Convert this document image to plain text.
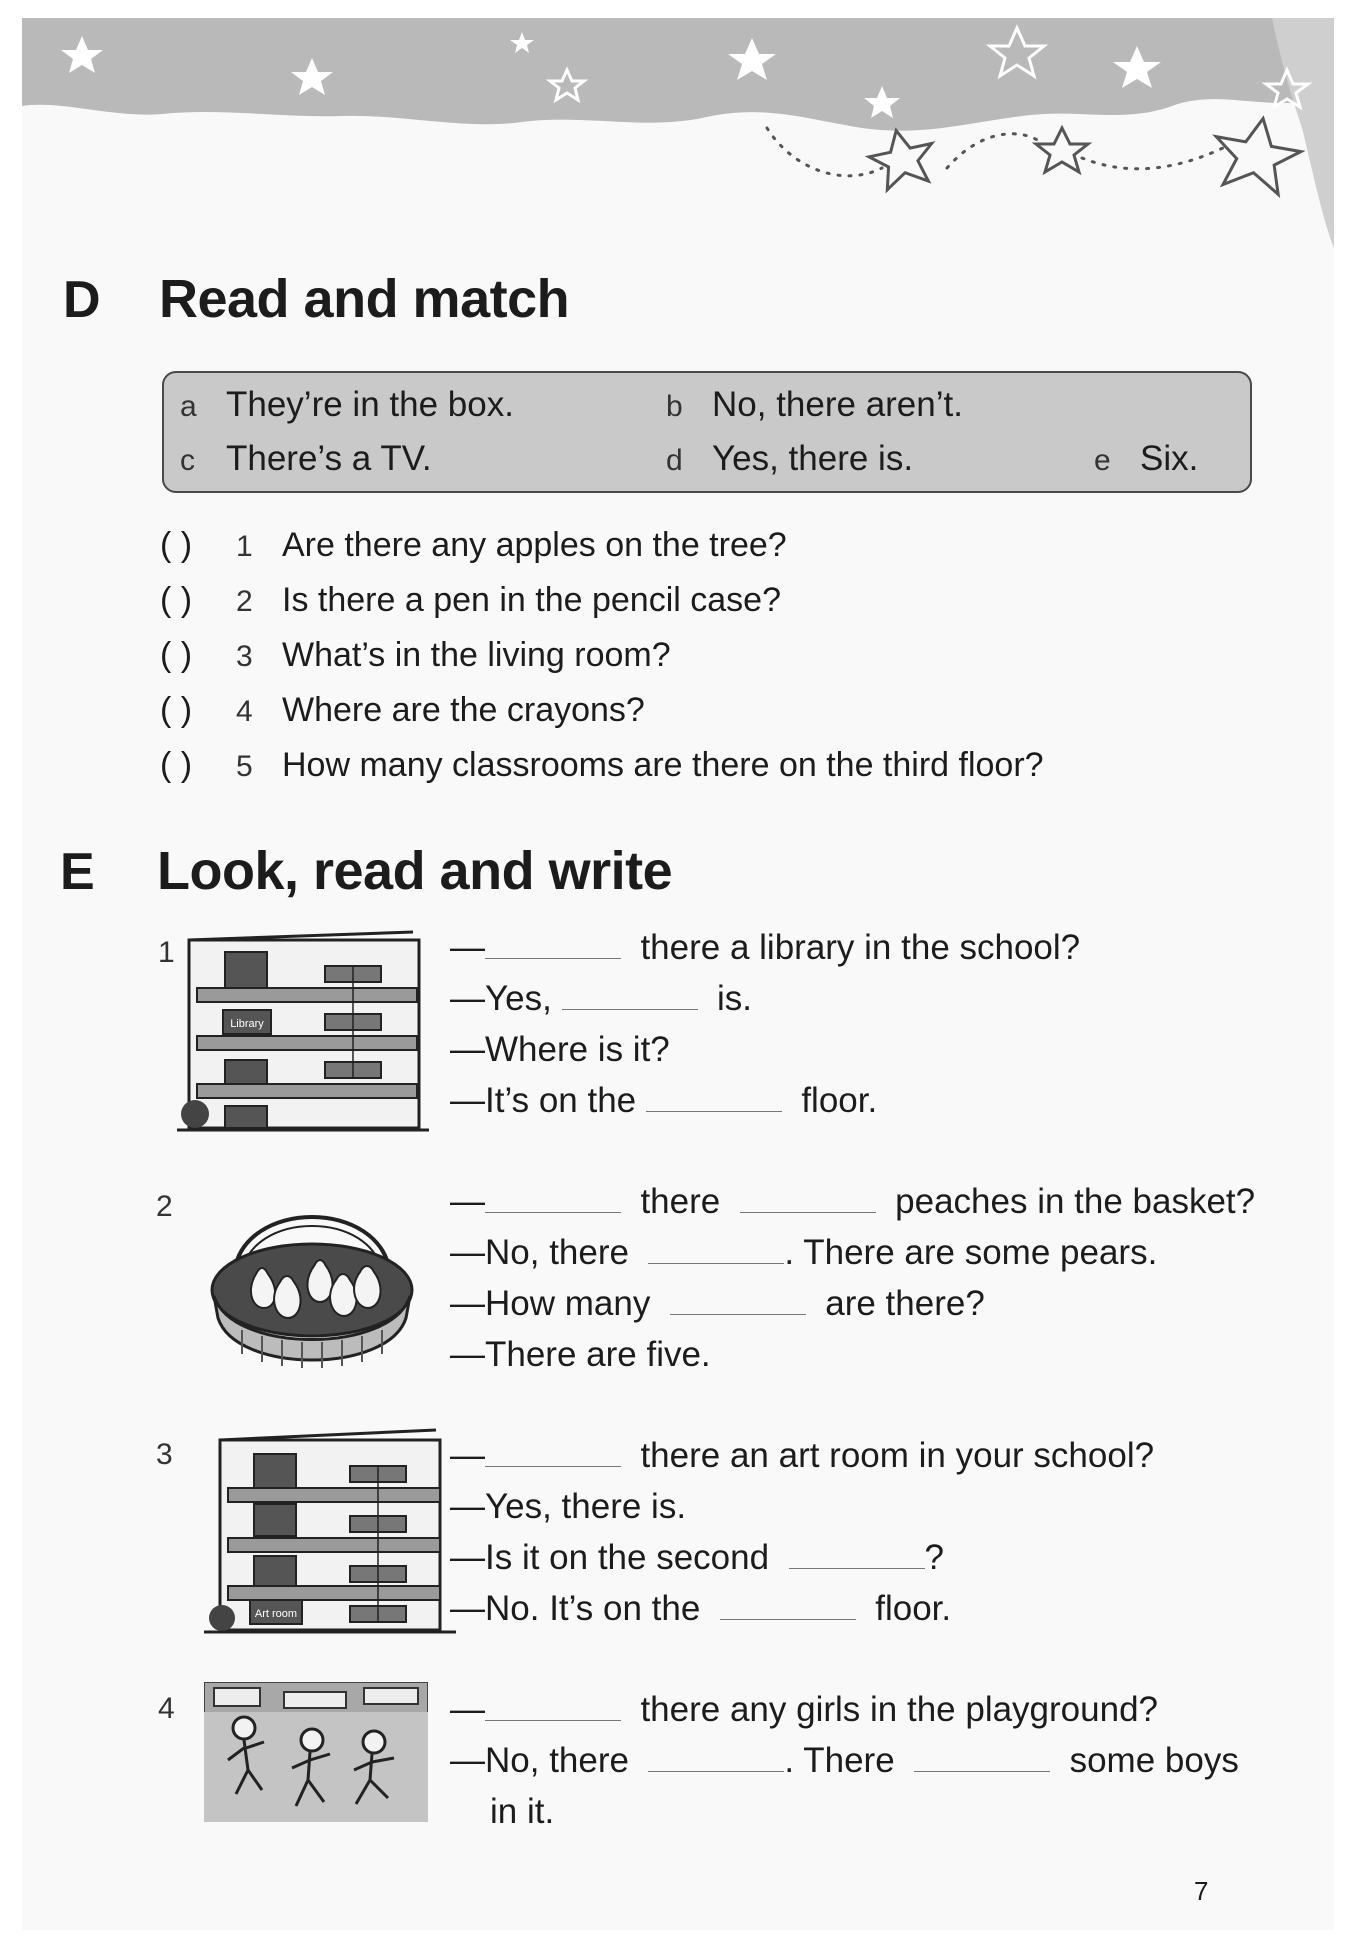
D Read and match
a They’re in the box.	b No, there aren’t.
c There’s a TV.	d Yes, there is.	e Six.
( ) 1 Are there any apples on the tree?
( ) 2 Is there a pen in the pencil case?
( ) 3 What’s in the living room?
( ) 4 Where are the crayons?
( ) 5 How many classrooms are there on the third floor?
E Look, read and write
1
Library
—	there a library in the school?
—Yes,	is.
—Where is it?
—It’s on the	floor.
2	—	there	peaches in the basket?
—No, there	. There are some pears.
—How many	are there?
—There are five.
3
Art room
—	there an art room in your school?
—Yes, there is.
—Is it on the second	?
—No. It’s on the	floor.
4	—	there any girls in the playground?
—No, there	. There	some boys
in it.
7
